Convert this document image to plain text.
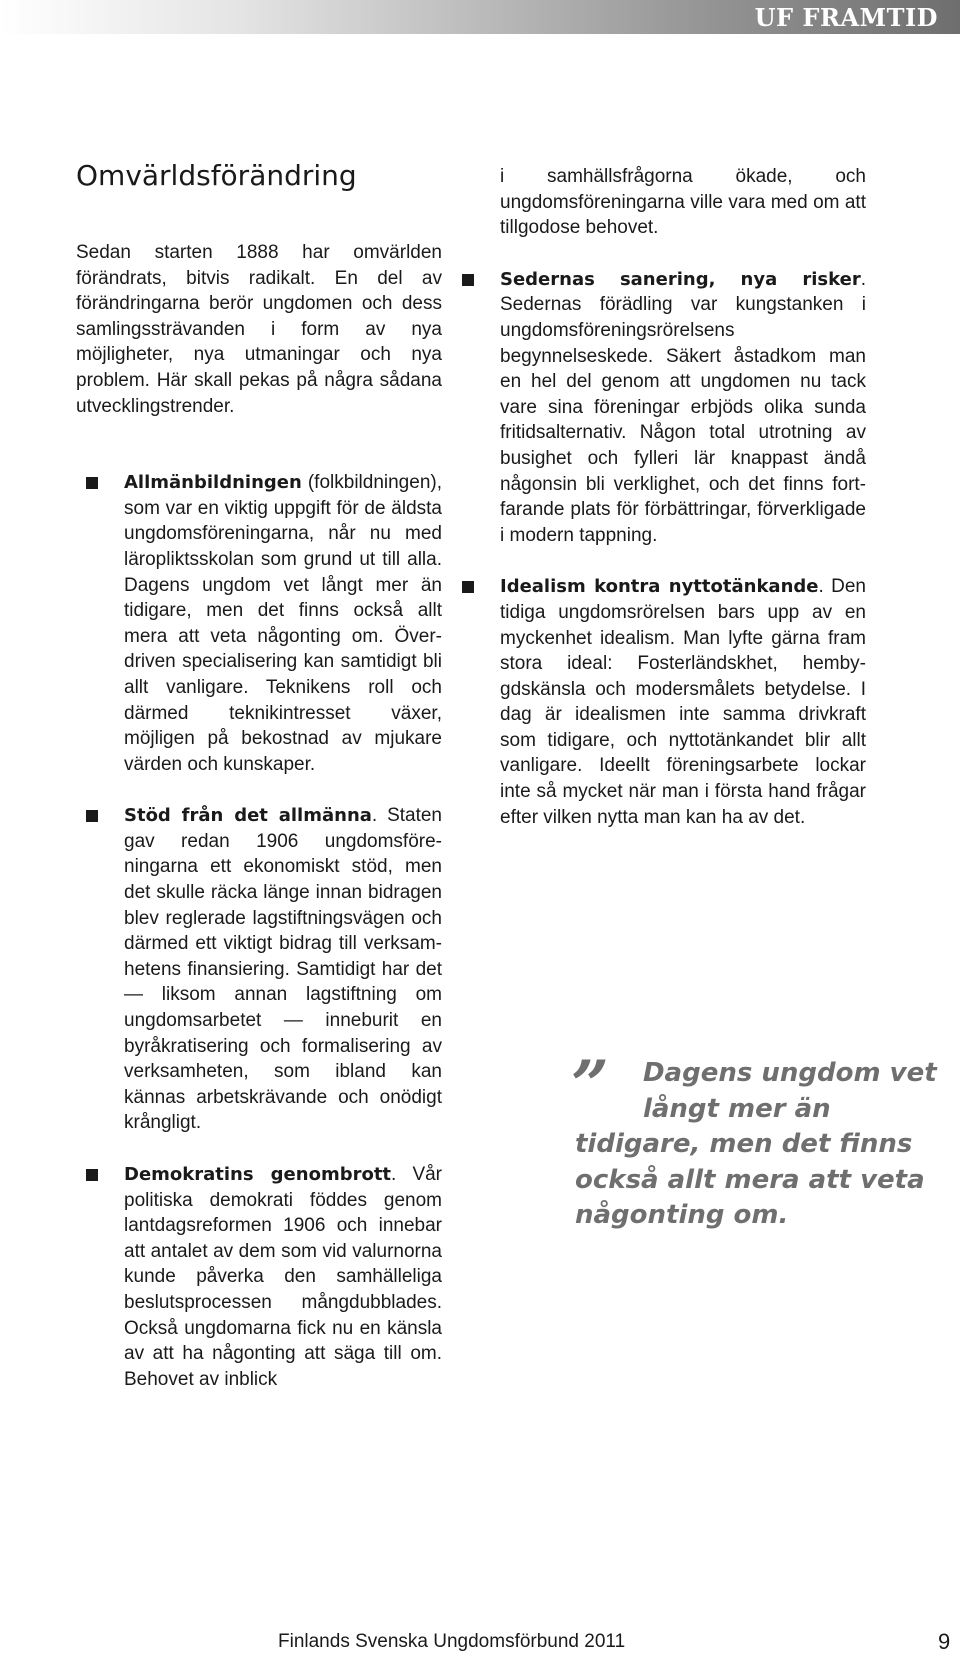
UF FRAMTID
Omvärldsförändring

Sedan starten 1888 har omvärlden förändrats, bitvis radikalt. En del av förändringarna berör ungdomen och dess samlingssträvanden i form av nya möjligheter, nya utmaningar och nya problem. Här skall pekas på några sådana utvecklingstrender.

Allmänbildningen (folkbildningen), som var en viktig uppgift för de äldsta ungdomsföreningarna, når nu med läropliktsskolan som grund ut till alla. Dagens ungdom vet långt mer än tidigare, men det finns också allt mera att veta någonting om. Överdriven specialisering kan samtidigt bli allt vanligare. Teknikens roll och därmed teknikintresset växer, möjligen på bekostnad av mjukare värden och kunskaper.

Stöd från det allmänna. Staten gav redan 1906 ungdomsföreningarna ett ekonomiskt stöd, men det skulle räcka länge innan bidragen blev reglerade lagstiftningsvägen och därmed ett viktigt bidrag till verksamhetens finansiering. Samtidigt har det — liksom annan lagstiftning om ungdomsarbetet — inneburit en byråkratisering och formalisering av verksamheten, som ibland kan kännas arbetskrävande och onödigt krångligt.

Demokratins genombrott. Vår politiska demokrati föddes genom lantdagsreformen 1906 och innebar att antalet av dem som vid valurnorna kunde påverka den samhälleliga beslutsprocessen mångdubblades. Också ungdomarna fick nu en känsla av att ha någonting att säga till om. Behovet av inblick

i samhällsfrågorna ökade, och ungdomsföreningarna ville vara med om att tillgodose behovet.

Sedernas sanering, nya risker. Sedernas förädling var kungstanken i ungdomsföreningsrörelsens begynnelseskede. Säkert åstadkom man en hel del genom att ungdomen nu tack vare sina föreningar erbjöds olika sunda fritidsalternativ. Någon total utrotning av busighet och fylleri lär knappast ändå någonsin bli verklighet, och det finns fortfarande plats för förbättringar, förverkligade i modern tappning.

Idealism kontra nyttotänkande. Den tidiga ungdomsrörelsen bars upp av en myckenhet idealism. Man lyfte gärna fram stora ideal: Fosterländskhet, hembygdskänsla och modersmålets betydelse. I dag är idealismen inte samma drivkraft som tidigare, och nyttotänkandet blir allt vanligare. Ideellt föreningsarbete lockar inte så mycket när man i första hand frågar efter vilken nytta man kan ha av det.

” Dagens ungdom vet långt mer än tidigare, men det finns också allt mera att veta någonting om.
Finlands Svenska Ungdomsförbund 2011	9
